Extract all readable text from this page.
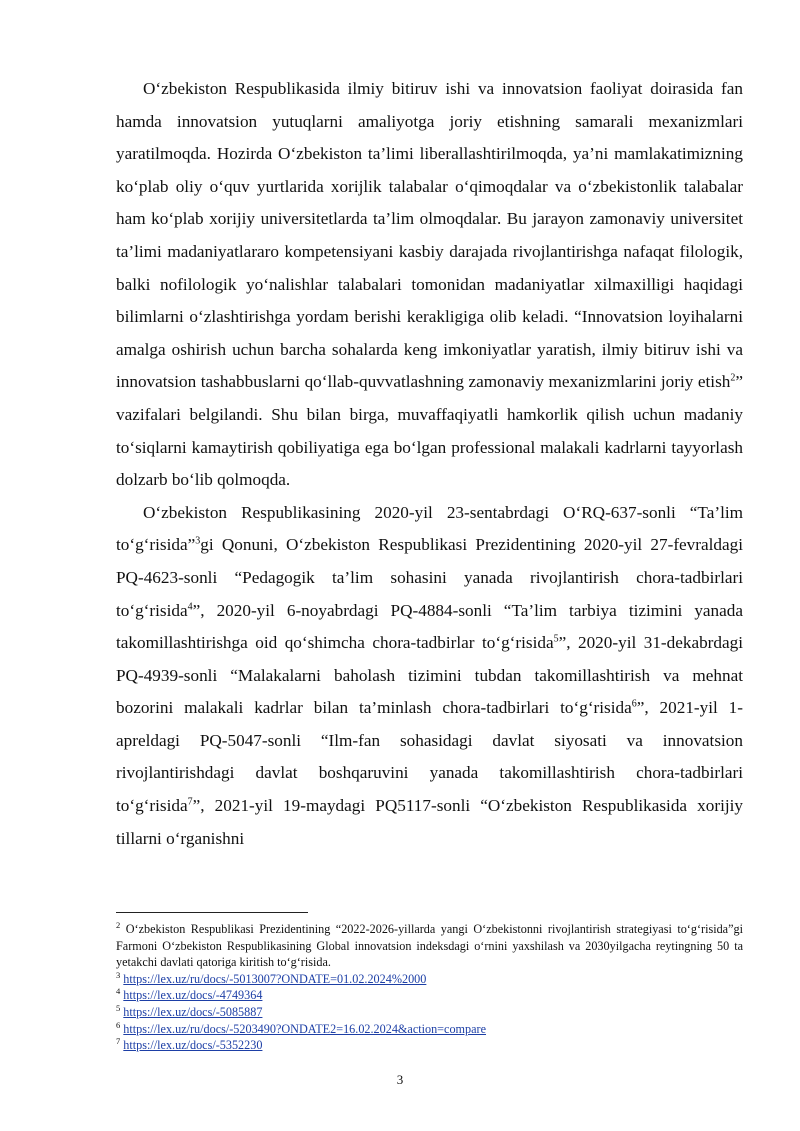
O‘zbekiston Respublikasida ilmiy bitiruv ishi va innovatsion faoliyat doirasida fan hamda innovatsion yutuqlarni amaliyotga joriy etishning samarali mexanizmlari yaratilmoqda. Hozirda O‘zbekiston ta’limi liberallashtirilmoqda, ya’ni mamlakatimizning ko‘plab oliy o‘quv yurtlarida xorijlik talabalar o‘qimoqdalar va o‘zbekistonlik talabalar ham ko‘plab xorijiy universitetlarda ta’lim olmoqdalar. Bu jarayon zamonaviy universitet ta’limi madaniyatlararo kompetensiyani kasbiy darajada rivojlantirishga nafaqat filologik, balki nofilologik yo‘nalishlar talabalari tomonidan madaniyatlar xilmaxilligi haqidagi bilimlarni o‘zlashtirishga yordam berishi kerakligiga olib keladi. “Innovatsion loyihalarni amalga oshirish uchun barcha sohalarda keng imkoniyatlar yaratish, ilmiy bitiruv ishi va innovatsion tashabbuslarni qo‘llab-quvvatlashning zamonaviy mexanizmlarini joriy etish$^2$” vazifalari belgilandi. Shu bilan birga, muvaffaqiyatli hamkorlik qilish uchun madaniy to‘siqlarni kamaytirish qobiliyatiga ega bo‘lgan professional malakali kadrlarni tayyorlash dolzarb bo‘lib qolmoqda.

O‘zbekiston Respublikasining 2020-yil 23-sentabrdagi O‘RQ-637-sonli “Ta’lim to‘g‘risida”$^3$gi Qonuni, O‘zbekiston Respublikasi Prezidentining 2020-yil 27-fevraldagi PQ-4623-sonli “Pedagogik ta’lim sohasini yanada rivojlantirish chora-tadbirlari to‘g‘risida$^4$”, 2020-yil 6-noyabrdagi PQ-4884-sonli “Ta’lim tarbiya tizimini yanada takomillashtirishga oid qo‘shimcha chora-tadbirlar to‘g‘risida$^5$”, 2020-yil 31-dekabrdagi PQ-4939-sonli “Malakalarni baholash tizimini tubdan takomillashtirish va mehnat bozorini malakali kadrlar bilan ta’minlash chora-tadbirlari to‘g‘risida$^6$”, 2021-yil 1-apreldagi PQ-5047-sonli “Ilm-fan sohasidagi davlat siyosati va innovatsion rivojlantirishdagi davlat boshqaruvini yanada takomillashtirish chora-tadbirlari to‘g‘risida$^7$”, 2021-yil 19-maydagi PQ5117-sonli “O‘zbekiston Respublikasida xorijiy tillarni o‘rganishni

$^2$ O‘zbekiston Respublikasi Prezidentining “2022-2026-yillarda yangi O‘zbekistonni rivojlantirish strategiyasi to‘g‘risida”gi Farmoni O‘zbekiston Respublikasining Global innovatsion indeksdagi o‘rnini yaxshilash va 2030yilgacha reytingning 50 ta yetakchi davlati qatoriga kiritish to‘g‘risida.

$^3$ https://lex.uz/ru/docs/-5013007?ONDATE=01.02.2024%2000

$^4$ https://lex.uz/docs/-4749364

$^5$ https://lex.uz/docs/-5085887

$^6$ https://lex.uz/ru/docs/-5203490?ONDATE2=16.02.2024&action=compare

$^7$ https://lex.uz/docs/-5352230

3
